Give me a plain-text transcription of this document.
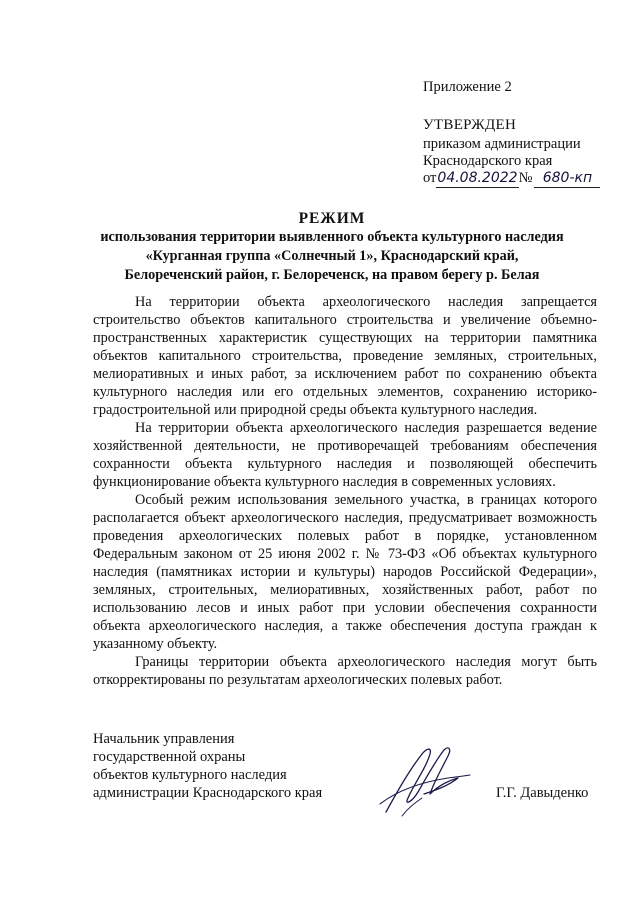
Приложение 2
УТВЕРЖДЕН
приказом администрации
Краснодарского края
от04.08.2022№ 680-кп
РЕЖИМ
использования территории выявленного объекта культурного наследия
«Курганная группа «Солнечный 1», Краснодарский край,
Белореченский район, г. Белореченск, на правом берегу р. Белая

На территории объекта археологического наследия запрещается строительство объектов капитального строительства и увеличение объемно-пространственных характеристик существующих на территории памятника объектов капитального строительства, проведение земляных, строительных, мелиоративных и иных работ, за исключением работ по сохранению объекта культурного наследия или его отдельных элементов, сохранению историко-градостроительной или природной среды объекта культурного наследия.

На территории объекта археологического наследия разрешается ведение хозяйственной деятельности, не противоречащей требованиям обеспечения сохранности объекта культурного наследия и позволяющей обеспечить функционирование объекта культурного наследия в современных условиях.

Особый режим использования земельного участка, в границах которого располагается объект археологического наследия, предусматривает возможность проведения археологических полевых работ в порядке, установленном Федеральным законом от 25 июня 2002 г. № 73-ФЗ «Об объектах культурного наследия (памятниках истории и культуры) народов Российской Федерации», земляных, строительных, мелиоративных, хозяйственных работ, работ по использованию лесов и иных работ при условии обеспечения сохранности объекта археологического наследия, а также обеспечения доступа граждан к указанному объекту.

Границы территории объекта археологического наследия могут быть откорректированы по результатам археологических полевых работ.

Начальник управления
государственной охраны
объектов культурного наследия
администрации Краснодарского края	Г.Г. Давыденко
